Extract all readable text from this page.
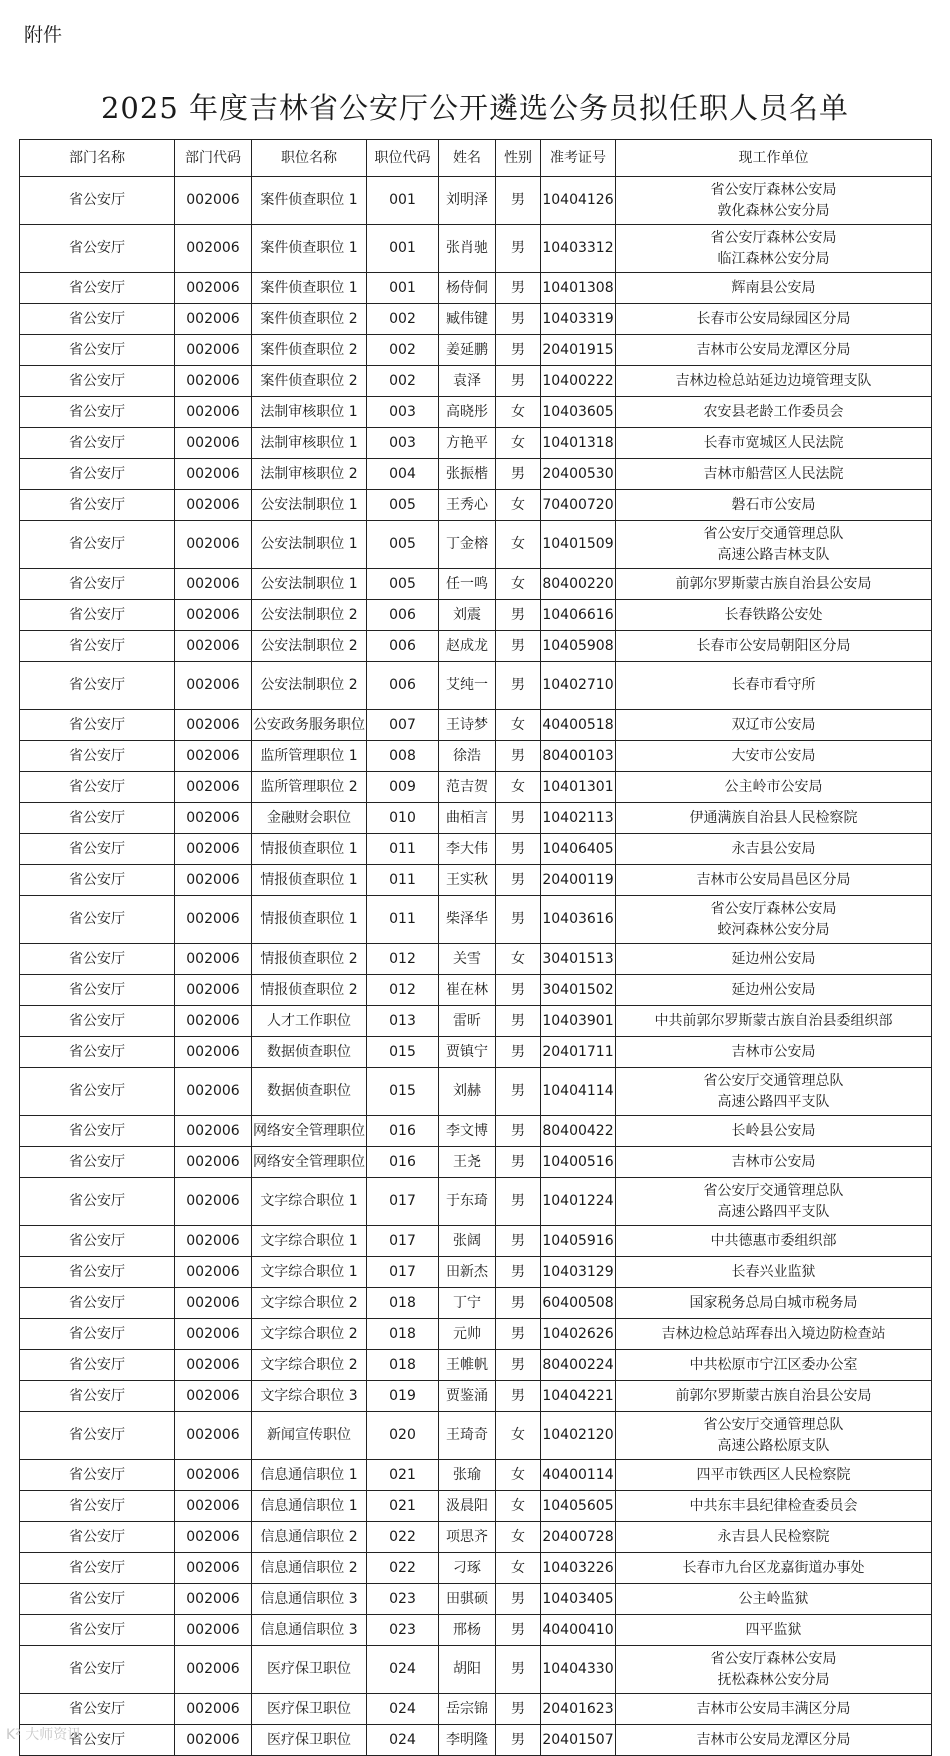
附件
2025 年度吉林省公安厅公开遴选公务员拟任职人员名单
部门名称	部门代码	职位名称	职位代码	姓名	性别	准考证号	现工作单位
省公安厅	002006	案件侦查职位 1	001	刘明泽	男	10404126	省公安厅森林公安局
敦化森林公安分局

省公安厅	002006	案件侦查职位 1	001	张肖驰	男	10403312	省公安厅森林公安局
临江森林公安分局

省公安厅	002006	案件侦查职位 1	001	杨侍侗	男	10401308	辉南县公安局

省公安厅	002006	案件侦查职位 2	002	臧伟键	男	10403319	长春市公安局绿园区分局

省公安厅	002006	案件侦查职位 2	002	姜延鹏	男	20401915	吉林市公安局龙潭区分局

省公安厅	002006	案件侦查职位 2	002	袁泽	男	10400222	吉林边检总站延边边境管理支队

省公安厅	002006	法制审核职位 1	003	高晓彤	女	10403605	农安县老龄工作委员会

省公安厅	002006	法制审核职位 1	003	方艳平	女	10401318	长春市宽城区人民法院

省公安厅	002006	法制审核职位 2	004	张振楷	男	20400530	吉林市船营区人民法院

省公安厅	002006	公安法制职位 1	005	王秀心	女	70400720	磐石市公安局

省公安厅	002006	公安法制职位 1	005	丁金榕	女	10401509	省公安厅交通管理总队
高速公路吉林支队

省公安厅	002006	公安法制职位 1	005	任一鸣	女	80400220	前郭尔罗斯蒙古族自治县公安局

省公安厅	002006	公安法制职位 2	006	刘震	男	10406616	长春铁路公安处

省公安厅	002006	公安法制职位 2	006	赵成龙	男	10405908	长春市公安局朝阳区分局

省公安厅	002006	公安法制职位 2	006	艾纯一	男	10402710	长春市看守所

省公安厅	002006	公安政务服务职位	007	王诗梦	女	40400518	双辽市公安局

省公安厅	002006	监所管理职位 1	008	徐浩	男	80400103	大安市公安局

省公安厅	002006	监所管理职位 2	009	范吉贺	女	10401301	公主岭市公安局

省公安厅	002006	金融财会职位	010	曲栢言	男	10402113	伊通满族自治县人民检察院

省公安厅	002006	情报侦查职位 1	011	李大伟	男	10406405	永吉县公安局

省公安厅	002006	情报侦查职位 1	011	王实秋	男	20400119	吉林市公安局昌邑区分局

省公安厅	002006	情报侦查职位 1	011	柴泽华	男	10403616	省公安厅森林公安局
蛟河森林公安分局

省公安厅	002006	情报侦查职位 2	012	关雪	女	30401513	延边州公安局

省公安厅	002006	情报侦查职位 2	012	崔在林	男	30401502	延边州公安局

省公安厅	002006	人才工作职位	013	雷昕	男	10403901	中共前郭尔罗斯蒙古族自治县委组织部

省公安厅	002006	数据侦查职位	015	贾镇宁	男	20401711	吉林市公安局

省公安厅	002006	数据侦查职位	015	刘赫	男	10404114	省公安厅交通管理总队
高速公路四平支队

省公安厅	002006	网络安全管理职位	016	李文博	男	80400422	长岭县公安局

省公安厅	002006	网络安全管理职位	016	王尧	男	10400516	吉林市公安局

省公安厅	002006	文字综合职位 1	017	于东琦	男	10401224	省公安厅交通管理总队
高速公路四平支队

省公安厅	002006	文字综合职位 1	017	张阔	男	10405916	中共德惠市委组织部

省公安厅	002006	文字综合职位 1	017	田新杰	男	10403129	长春兴业监狱

省公安厅	002006	文字综合职位 2	018	丁宁	男	60400508	国家税务总局白城市税务局

省公安厅	002006	文字综合职位 2	018	元帅	男	10402626	吉林边检总站珲春出入境边防检查站

省公安厅	002006	文字综合职位 2	018	王帷帆	男	80400224	中共松原市宁江区委办公室

省公安厅	002006	文字综合职位 3	019	贾鉴涌	男	10404221	前郭尔罗斯蒙古族自治县公安局

省公安厅	002006	新闻宣传职位	020	王琦奇	女	10402120	省公安厅交通管理总队
高速公路松原支队

省公安厅	002006	信息通信职位 1	021	张瑜	女	40400114	四平市铁西区人民检察院

省公安厅	002006	信息通信职位 1	021	汲晨阳	女	10405605	中共东丰县纪律检查委员会

省公安厅	002006	信息通信职位 2	022	项思齐	女	20400728	永吉县人民检察院

省公安厅	002006	信息通信职位 2	022	刁琢	女	10403226	长春市九台区龙嘉街道办事处

省公安厅	002006	信息通信职位 3	023	田骐硕	男	10403405	公主岭监狱

省公安厅	002006	信息通信职位 3	023	邢杨	男	40400410	四平监狱

省公安厅	002006	医疗保卫职位	024	胡阳	男	10404330	省公安厅森林公安局
抚松森林公安分局

省公安厅	002006	医疗保卫职位	024	岳宗锦	男	20401623	吉林市公安局丰满区分局

省公安厅	002006	医疗保卫职位	024	李明隆	男	20401507	吉林市公安局龙潭区分局
K² 大师资讯
